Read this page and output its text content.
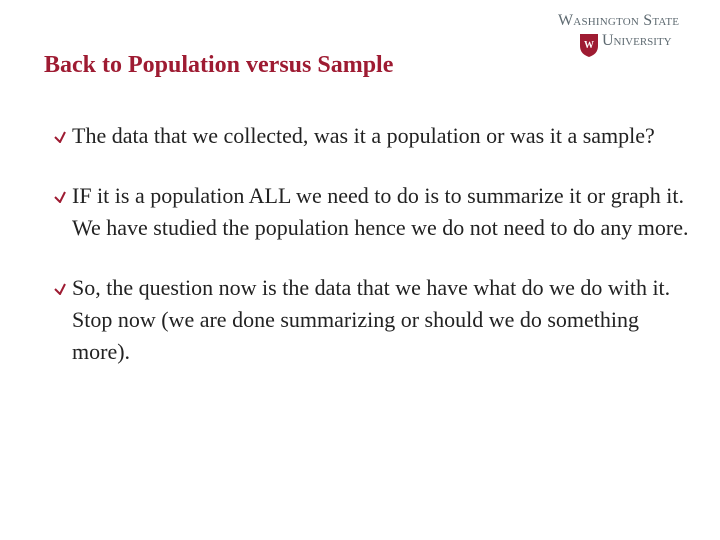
Washington State
W University
Back to Population versus Sample
The data that we collected, was it a population or was it a sample?
IF it is a population ALL we need to do is to summarize it or graph it. We have studied the population hence we do not need to do any more.
So, the question now is the data that we have what do we do with it. Stop now (we are done summarizing or should we do something more).
